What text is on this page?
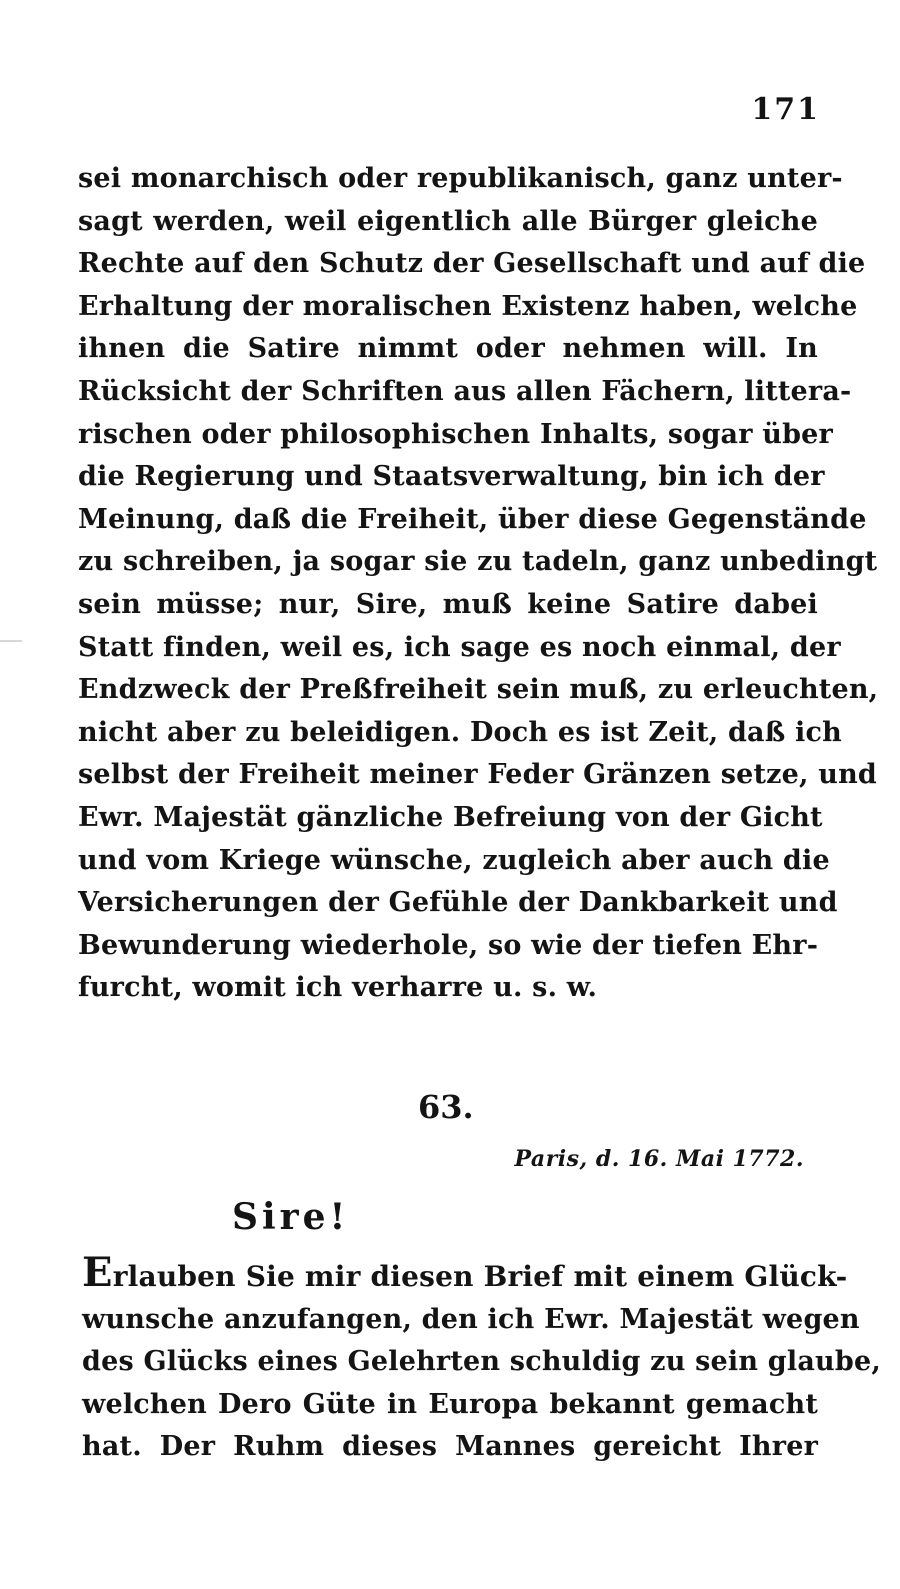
171
sei monarchisch oder republikanisch, ganz unter-
sagt werden, weil eigentlich alle Bürger gleiche
Rechte auf den Schutz der Gesellschaft und auf die
Erhaltung der moralischen Existenz haben, welche
ihnen die Satire nimmt oder nehmen will. In
Rücksicht der Schriften aus allen Fächern, littera-
rischen oder philosophischen Inhalts, sogar über
die Regierung und Staatsverwaltung, bin ich der
Meinung, daß die Freiheit, über diese Gegenstände
zu schreiben, ja sogar sie zu tadeln, ganz unbedingt
sein müsse; nur, Sire, muß keine Satire dabei
Statt finden, weil es, ich sage es noch einmal, der
Endzweck der Preßfreiheit sein muß, zu erleuchten,
nicht aber zu beleidigen. Doch es ist Zeit, daß ich
selbst der Freiheit meiner Feder Gränzen setze, und
Ewr. Majestät gänzliche Befreiung von der Gicht
und vom Kriege wünsche, zugleich aber auch die
Versicherungen der Gefühle der Dankbarkeit und
Bewunderung wiederhole, so wie der tiefen Ehr-
furcht, womit ich verharre u. s. w.
63.
Paris, d. 16. Mai 1772.
Sire!
Erlauben Sie mir diesen Brief mit einem Glück-
wunsche anzufangen, den ich Ewr. Majestät wegen
des Glücks eines Gelehrten schuldig zu sein glaube,
welchen Dero Güte in Europa bekannt gemacht
hat. Der Ruhm dieses Mannes gereicht Ihrer
